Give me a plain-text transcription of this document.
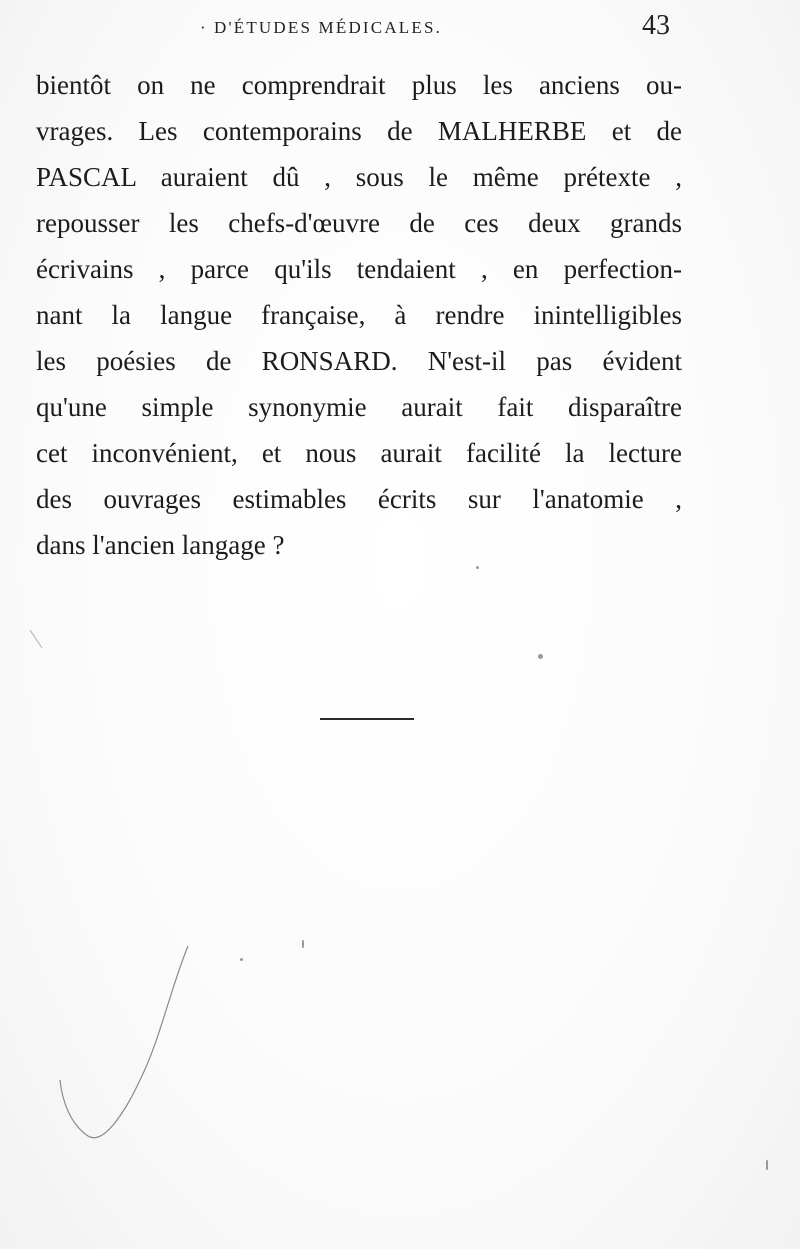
· D'ÉTUDES MÉDICALES.	43
bientôt on ne comprendrait plus les anciens ou-
vrages. Les contemporains de MALHERBE et de
PASCAL auraient dû , sous le même prétexte ,
repousser les chefs-d'œuvre de ces deux grands
écrivains , parce qu'ils tendaient , en perfection-
nant la langue française, à rendre inintelligibles
les poésies de RONSARD. N'est-il pas évident
qu'une simple synonymie aurait fait disparaître
cet inconvénient, et nous aurait facilité la lecture
des ouvrages estimables écrits sur l'anatomie ,
dans l'ancien langage ?
